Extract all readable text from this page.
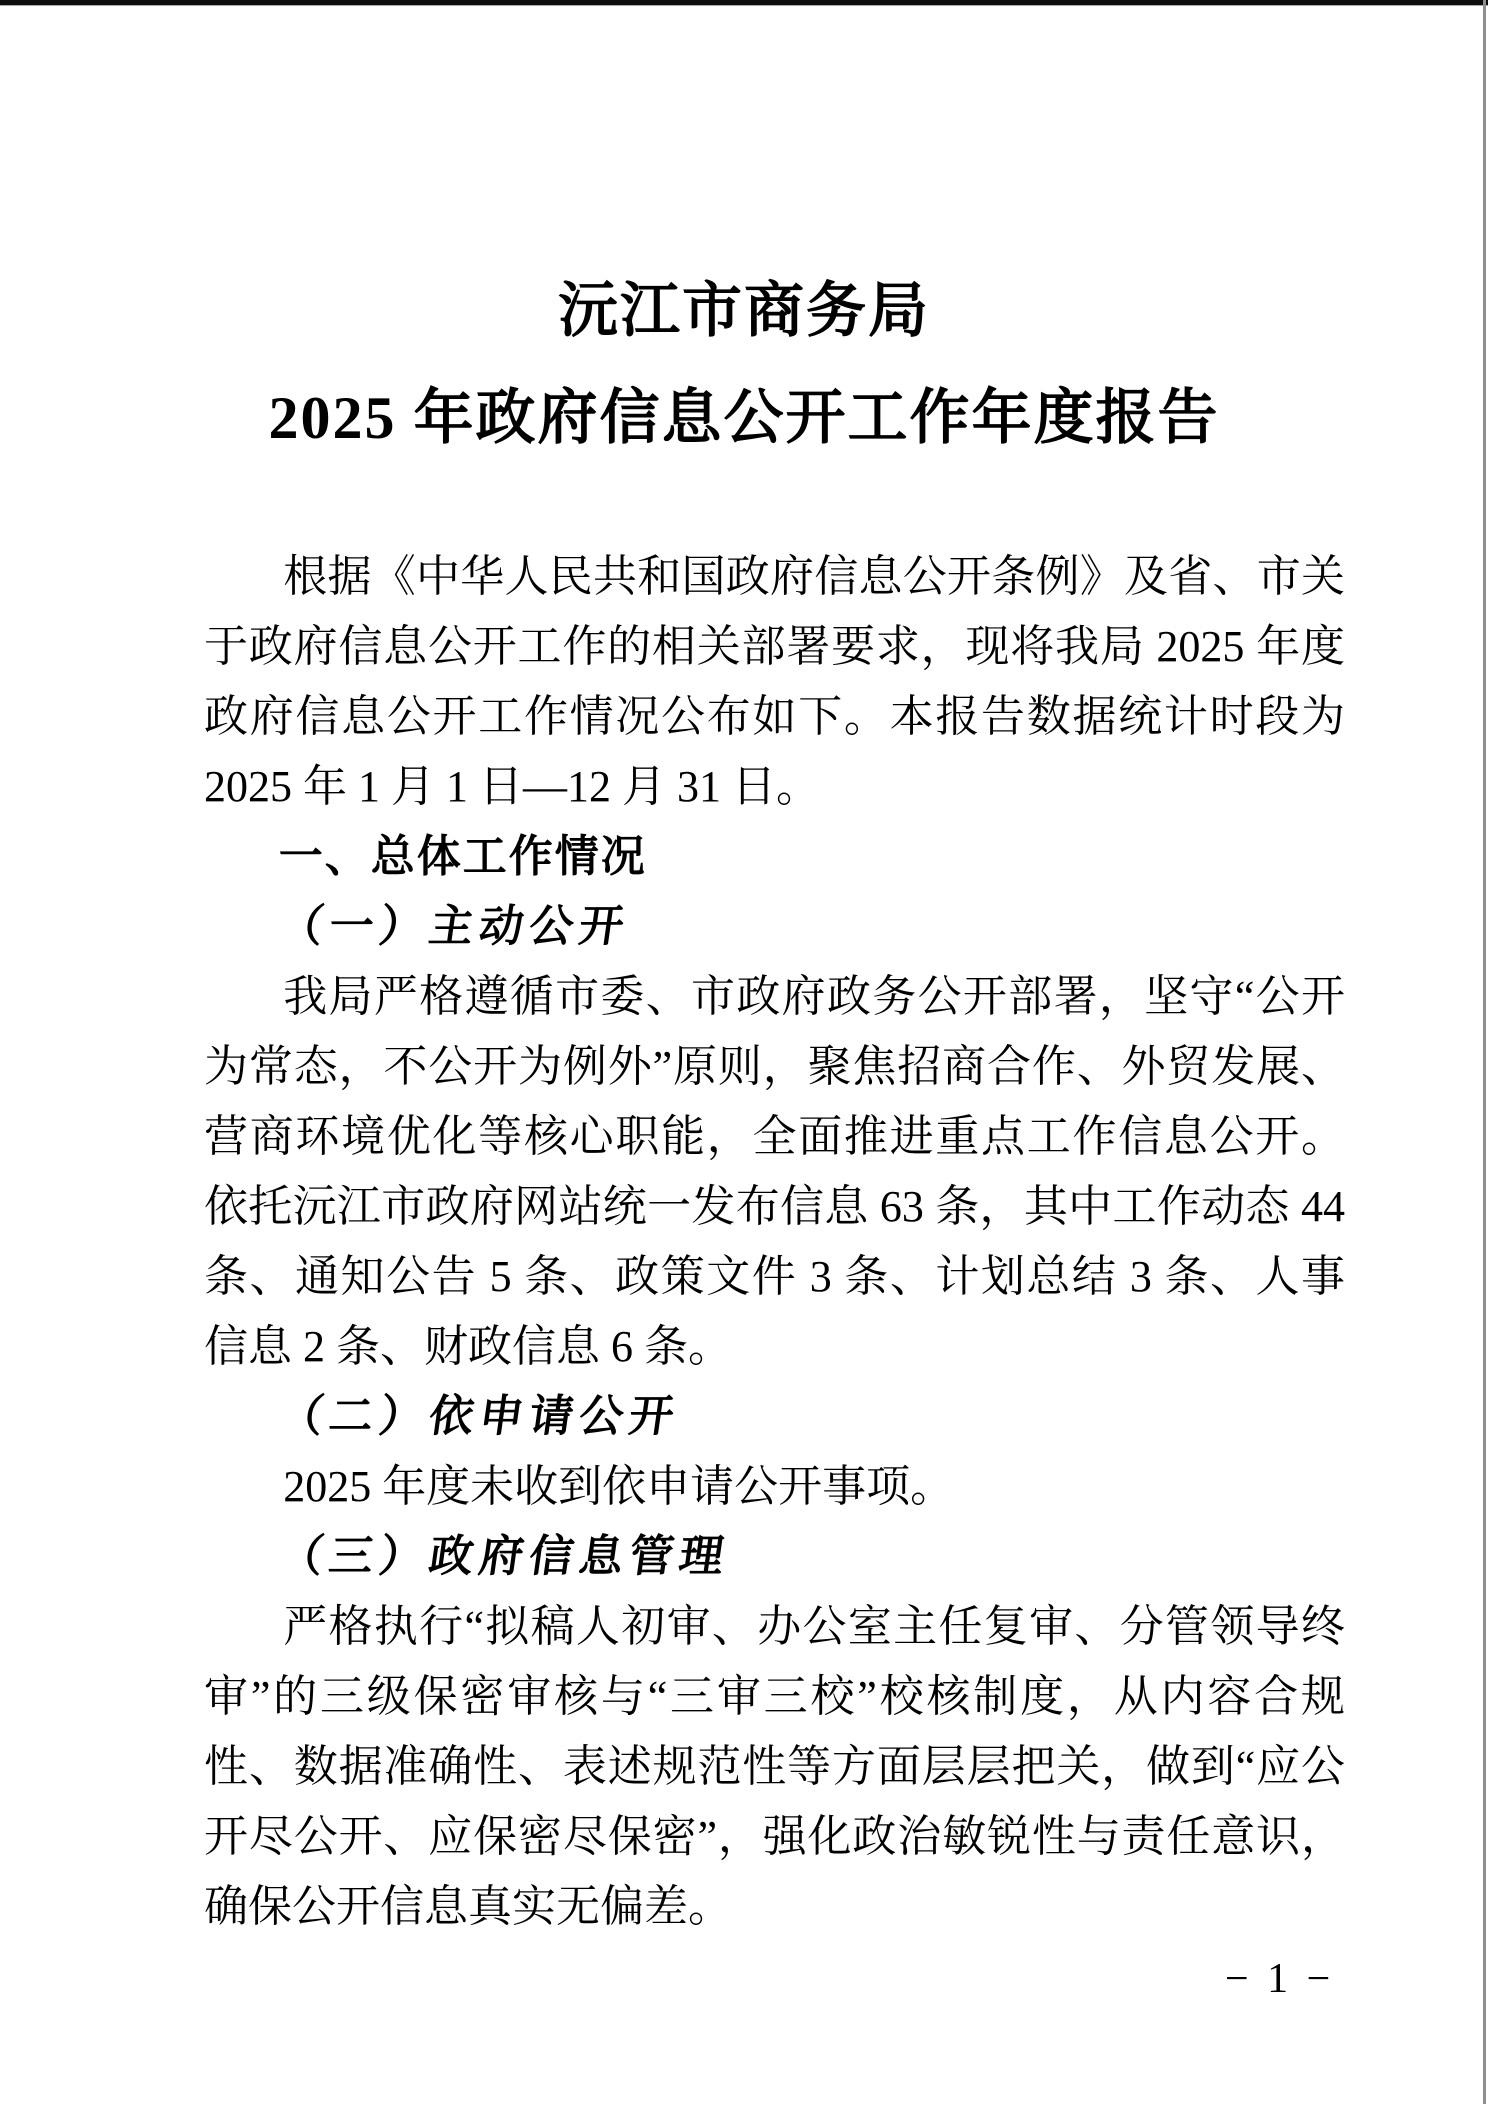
沅江市商务局
2025 年政府信息公开工作年度报告

根据《中华人民共和国政府信息公开条例》及省、市关于政府信息公开工作的相关部署要求，现将我局 2025 年度政府信息公开工作情况公布如下。本报告数据统计时段为 2025 年 1 月 1 日—12 月 31 日。

一、总体工作情况

（一）主动公开

我局严格遵循市委、市政府政务公开部署，坚守“公开为常态，不公开为例外”原则，聚焦招商合作、外贸发展、营商环境优化等核心职能，全面推进重点工作信息公开。依托沅江市政府网站统一发布信息 63 条，其中工作动态 44 条、通知公告 5 条、政策文件 3 条、计划总结 3 条、人事信息 2 条、财政信息 6 条。

（二）依申请公开

2025 年度未收到依申请公开事项。

（三）政府信息管理

严格执行“拟稿人初审、办公室主任复审、分管领导终审”的三级保密审核与“三审三校”校核制度，从内容合规性、数据准确性、表述规范性等方面层层把关，做到“应公开尽公开、应保密尽保密”，强化政治敏锐性与责任意识，确保公开信息真实无偏差。

− 1 −
